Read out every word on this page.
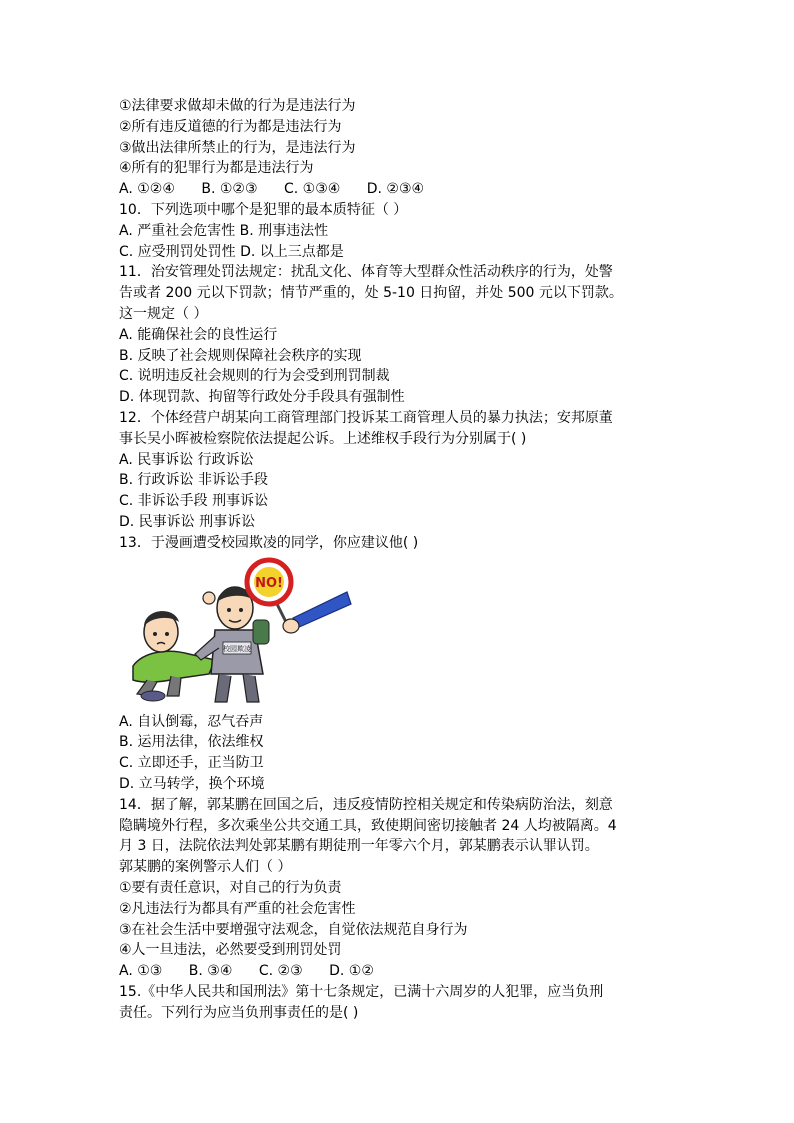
①法律要求做却未做的行为是违法行为
②所有违反道德的行为都是违法行为
③做出法律所禁止的行为，是违法行为
④所有的犯罪行为都是违法行为
A. ①②④ B. ①②③ C. ①③④ D. ②③④
10．下列选项中哪个是犯罪的最本质特征（ ）
A. 严重社会危害性 B. 刑事违法性
C. 应受刑罚处罚性 D. 以上三点都是
11．治安管理处罚法规定：扰乱文化、体育等大型群众性活动秩序的行为，处警
告或者 200 元以下罚款；情节严重的，处 5-10 日拘留，并处 500 元以下罚款。
这一规定（ ）
A. 能确保社会的良性运行
B. 反映了社会规则保障社会秩序的实现
C. 说明违反社会规则的行为会受到刑罚制裁
D. 体现罚款、拘留等行政处分手段具有强制性
12．个体经营户胡某向工商管理部门投诉某工商管理人员的暴力执法；安邦原董
事长吴小晖被检察院依法提起公诉。上述维权手段行为分别属于( )
A. 民事诉讼 行政诉讼
B. 行政诉讼 非诉讼手段
C. 非诉讼手段 刑事诉讼
D. 民事诉讼 刑事诉讼
13．于漫画遭受校园欺凌的同学，你应建议他( )
校园欺凌
NO!
A. 自认倒霉，忍气吞声
B. 运用法律，依法维权
C. 立即还手，正当防卫
D. 立马转学，换个环境
14．据了解，郭某鹏在回国之后，违反疫情防控相关规定和传染病防治法，刻意
隐瞒境外行程，多次乘坐公共交通工具，致使期间密切接触者 24 人均被隔离。4
月 3 日，法院依法判处郭某鹏有期徒刑一年零六个月，郭某鹏表示认罪认罚。
郭某鹏的案例警示人们（ ）
①要有责任意识，对自己的行为负责
②凡违法行为都具有严重的社会危害性
③在社会生活中要增强守法观念，自觉依法规范自身行为
④人一旦违法，必然要受到刑罚处罚
A. ①③ B. ③④ C. ②③ D. ①②
15.《中华人民共和国刑法》第十七条规定，已满十六周岁的人犯罪，应当负刑
责任。下列行为应当负刑事责任的是( )
